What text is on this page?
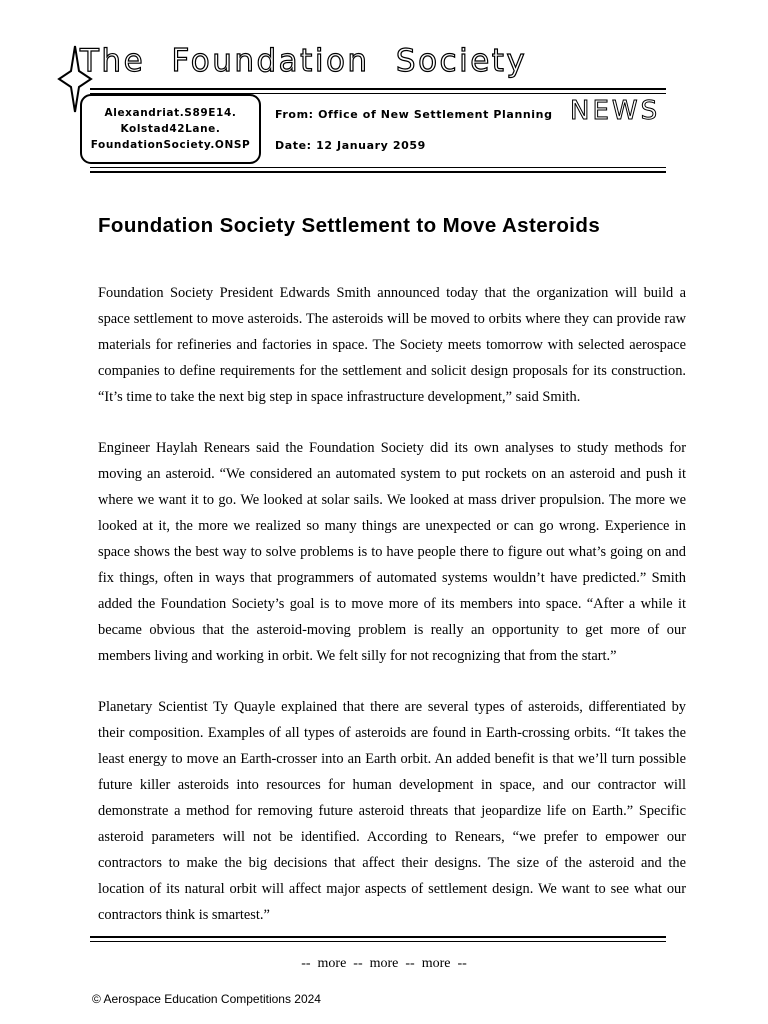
The Foundation Society
Alexandriat.S89E14.
Kolstad42Lane.
FoundationSociety.ONSP
From: Office of New Settlement Planning
Date: 12 January 2059
NEWS
Foundation Society Settlement to Move Asteroids

Foundation Society President Edwards Smith announced today that the organization will build a space settlement to move asteroids. The asteroids will be moved to orbits where they can provide raw materials for refineries and factories in space. The Society meets tomorrow with selected aerospace companies to define requirements for the settlement and solicit design proposals for its construction. “It’s time to take the next big step in space infrastructure development,” said Smith.

Engineer Haylah Renears said the Foundation Society did its own analyses to study methods for moving an asteroid. “We considered an automated system to put rockets on an asteroid and push it where we want it to go. We looked at solar sails. We looked at mass driver propulsion. The more we looked at it, the more we realized so many things are unexpected or can go wrong. Experience in space shows the best way to solve problems is to have people there to figure out what’s going on and fix things, often in ways that programmers of automated systems wouldn’t have predicted.” Smith added the Foundation Society’s goal is to move more of its members into space. “After a while it became obvious that the asteroid-moving problem is really an opportunity to get more of our members living and working in orbit. We felt silly for not recognizing that from the start.”

Planetary Scientist Ty Quayle explained that there are several types of asteroids, differentiated by their composition. Examples of all types of asteroids are found in Earth-crossing orbits. “It takes the least energy to move an Earth-crosser into an Earth orbit. An added benefit is that we’ll turn possible future killer asteroids into resources for human development in space, and our contractor will demonstrate a method for removing future asteroid threats that jeopardize life on Earth.” Specific asteroid parameters will not be identified. According to Renears, “we prefer to empower our contractors to make the big decisions that affect their designs. The size of the asteroid and the location of its natural orbit will affect major aspects of settlement design. We want to see what our contractors think is smartest.”

--  more  --  more  --  more  --
© Aerospace Education Competitions 2024
